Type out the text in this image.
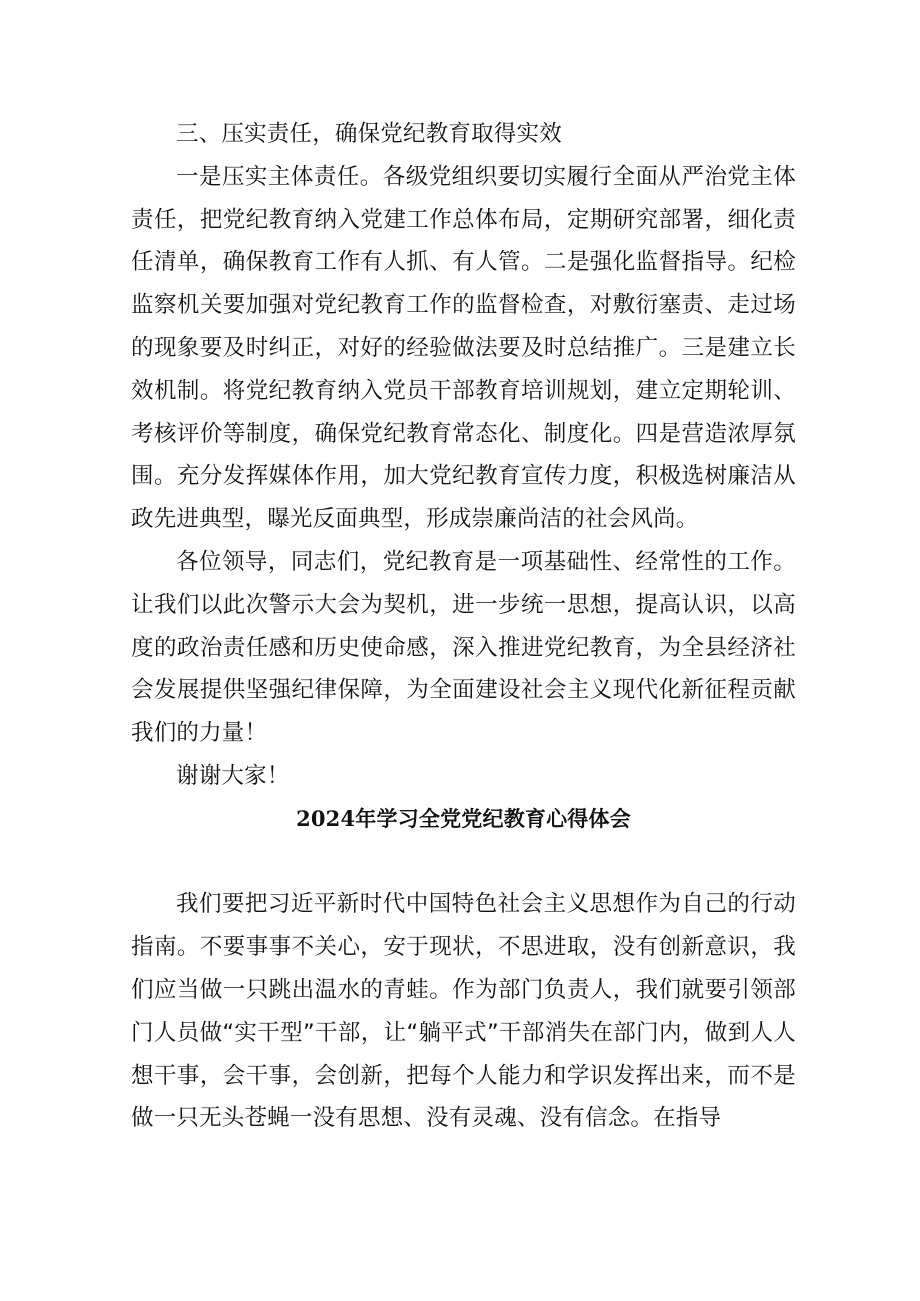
三、压实责任，确保党纪教育取得实效

一是压实主体责任。各级党组织要切实履行全面从严治党主体责任，把党纪教育纳入党建工作总体布局，定期研究部署，细化责任清单，确保教育工作有人抓、有人管。二是强化监督指导。纪检监察机关要加强对党纪教育工作的监督检查，对敷衍塞责、走过场的现象要及时纠正，对好的经验做法要及时总结推广。三是建立长效机制。将党纪教育纳入党员干部教育培训规划，建立定期轮训、考核评价等制度，确保党纪教育常态化、制度化。四是营造浓厚氛围。充分发挥媒体作用，加大党纪教育宣传力度，积极选树廉洁从政先进典型，曝光反面典型，形成崇廉尚洁的社会风尚。

各位领导，同志们，党纪教育是一项基础性、经常性的工作。让我们以此次警示大会为契机，进一步统一思想，提高认识，以高度的政治责任感和历史使命感，深入推进党纪教育，为全县经济社会发展提供坚强纪律保障，为全面建设社会主义现代化新征程贡献我们的力量！

谢谢大家！

2024年学习全党党纪教育心得体会

我们要把习近平新时代中国特色社会主义思想作为自己的行动指南。不要事事不关心，安于现状，不思进取，没有创新意识，我们应当做一只跳出温水的青蛙。作为部门负责人，我们就要引领部门人员做“实干型”干部，让“躺平式”干部消失在部门内，做到人人想干事，会干事，会创新，把每个人能力和学识发挥出来，而不是做一只无头苍蝇一没有思想、没有灵魂、没有信念。在指导
